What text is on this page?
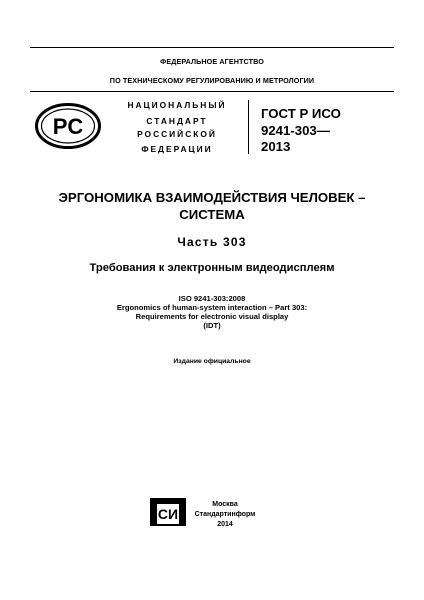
ФЕДЕРАЛЬНОЕ АГЕНТСТВО
ПО ТЕХНИЧЕСКОМУ РЕГУЛИРОВАНИЮ И МЕТРОЛОГИИ
PC
НАЦИОНАЛЬНЫЙ
СТАНДАРТ
РОССИЙСКОЙ
ФЕДЕРАЦИИ
ГОСТ Р ИСО
9241-303—
2013
ЭРГОНОМИКА ВЗАИМОДЕЙСТВИЯ ЧЕЛОВЕК –
СИСТЕМА
Часть 303
Требования к электронным видеодисплеям
ISO 9241-303:2008
Ergonomics of human-system interaction – Part 303:
Requirements for electronic visual display
(IDT)
Издание официальное
СИ
Москва
Стандартинформ
2014
